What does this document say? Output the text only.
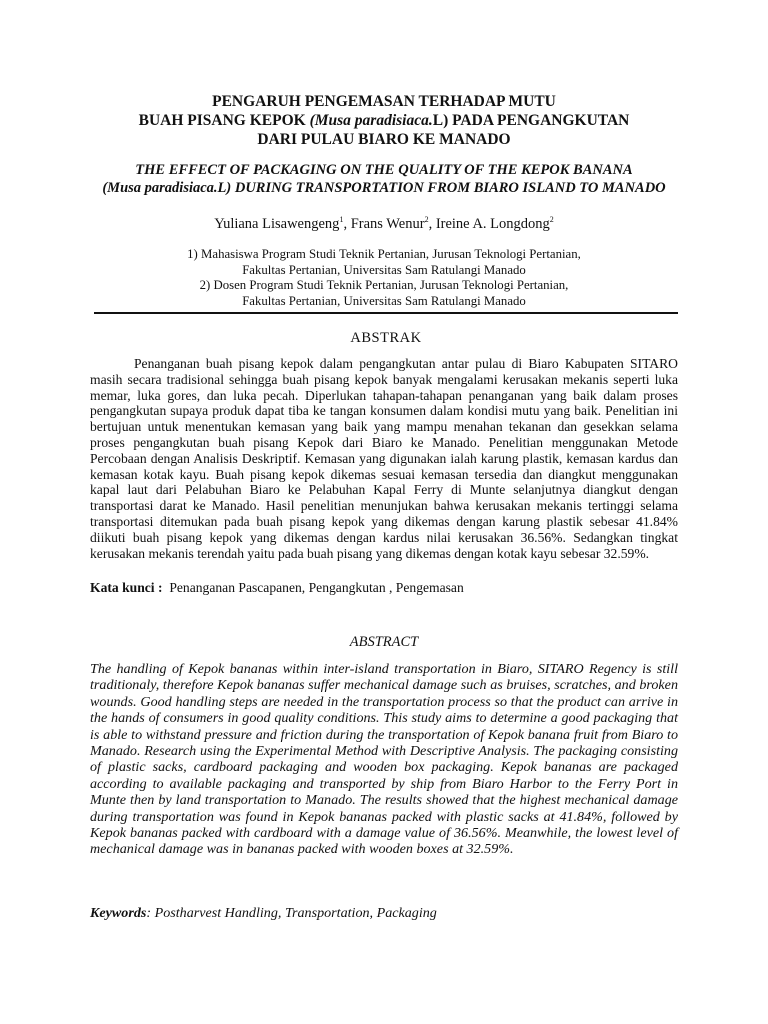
PENGARUH PENGEMASAN TERHADAP MUTU
BUAH PISANG KEPOK (Musa paradisiaca.L) PADA PENGANGKUTAN
DARI PULAU BIARO KE MANADO
THE EFFECT OF PACKAGING ON THE QUALITY OF THE KEPOK BANANA
(Musa paradisiaca.L) DURING TRANSPORTATION FROM BIARO ISLAND TO MANADO
Yuliana Lisawengeng$^1$, Frans Wenur$^2$, Ireine A. Longdong$^2$
1) Mahasiswa Program Studi Teknik Pertanian, Jurusan Teknologi Pertanian,
Fakultas Pertanian, Universitas Sam Ratulangi Manado
2) Dosen Program Studi Teknik Pertanian, Jurusan Teknologi Pertanian,
Fakultas Pertanian, Universitas Sam Ratulangi Manado
ABSTRAK

Penanganan buah pisang kepok dalam pengangkutan antar pulau di Biaro Kabupaten SITARO masih secara tradisional sehingga buah pisang kepok banyak mengalami kerusakan mekanis seperti luka memar, luka gores, dan luka pecah. Diperlukan tahapan-tahapan penanganan yang baik dalam proses pengangkutan supaya produk dapat tiba ke tangan konsumen dalam kondisi mutu yang baik. Penelitian ini bertujuan untuk menentukan kemasan yang baik yang mampu menahan tekanan dan gesekkan selama proses pengangkutan buah pisang Kepok dari Biaro ke Manado. Penelitian menggunakan Metode Percobaan dengan Analisis Deskriptif. Kemasan yang digunakan ialah karung plastik, kemasan kardus dan kemasan kotak kayu. Buah pisang kepok dikemas sesuai kemasan tersedia dan diangkut menggunakan kapal laut dari Pelabuhan Biaro ke Pelabuhan Kapal Ferry di Munte selanjutnya diangkut dengan transportasi darat ke Manado. Hasil penelitian menunjukan bahwa kerusakan mekanis tertinggi selama transportasi ditemukan pada buah pisang kepok yang dikemas dengan karung plastik sebesar 41.84% diikuti buah pisang kepok yang dikemas dengan kardus nilai kerusakan 36.56%. Sedangkan tingkat kerusakan mekanis terendah yaitu pada buah pisang yang dikemas dengan kotak kayu sebesar 32.59%.

Kata kunci :  Penanganan Pascapanen, Pengangkutan , Pengemasan
ABSTRACT

The handling of Kepok bananas within inter-island transportation in Biaro, SITARO Regency is still traditionaly, therefore Kepok bananas suffer mechanical damage such as bruises, scratches, and broken wounds. Good handling steps are needed in the transportation process so that the product can arrive in the hands of consumers in good quality conditions. This study aims to determine a good packaging that is able to withstand pressure and friction during the transportation of Kepok banana fruit from Biaro to Manado. Research using the Experimental Method with Descriptive Analysis. The packaging consisting of plastic sacks, cardboard packaging and wooden box packaging. Kepok bananas are packaged according to available packaging and transported by ship from Biaro Harbor to the Ferry Port in Munte then by land transportation to Manado. The results showed that the highest mechanical damage during transportation was found in Kepok bananas packed with plastic sacks at 41.84%, followed by Kepok bananas packed with cardboard with a damage value of 36.56%. Meanwhile, the lowest level of mechanical damage was in bananas packed with wooden boxes at 32.59%.

Keywords: Postharvest Handling, Transportation, Packaging
